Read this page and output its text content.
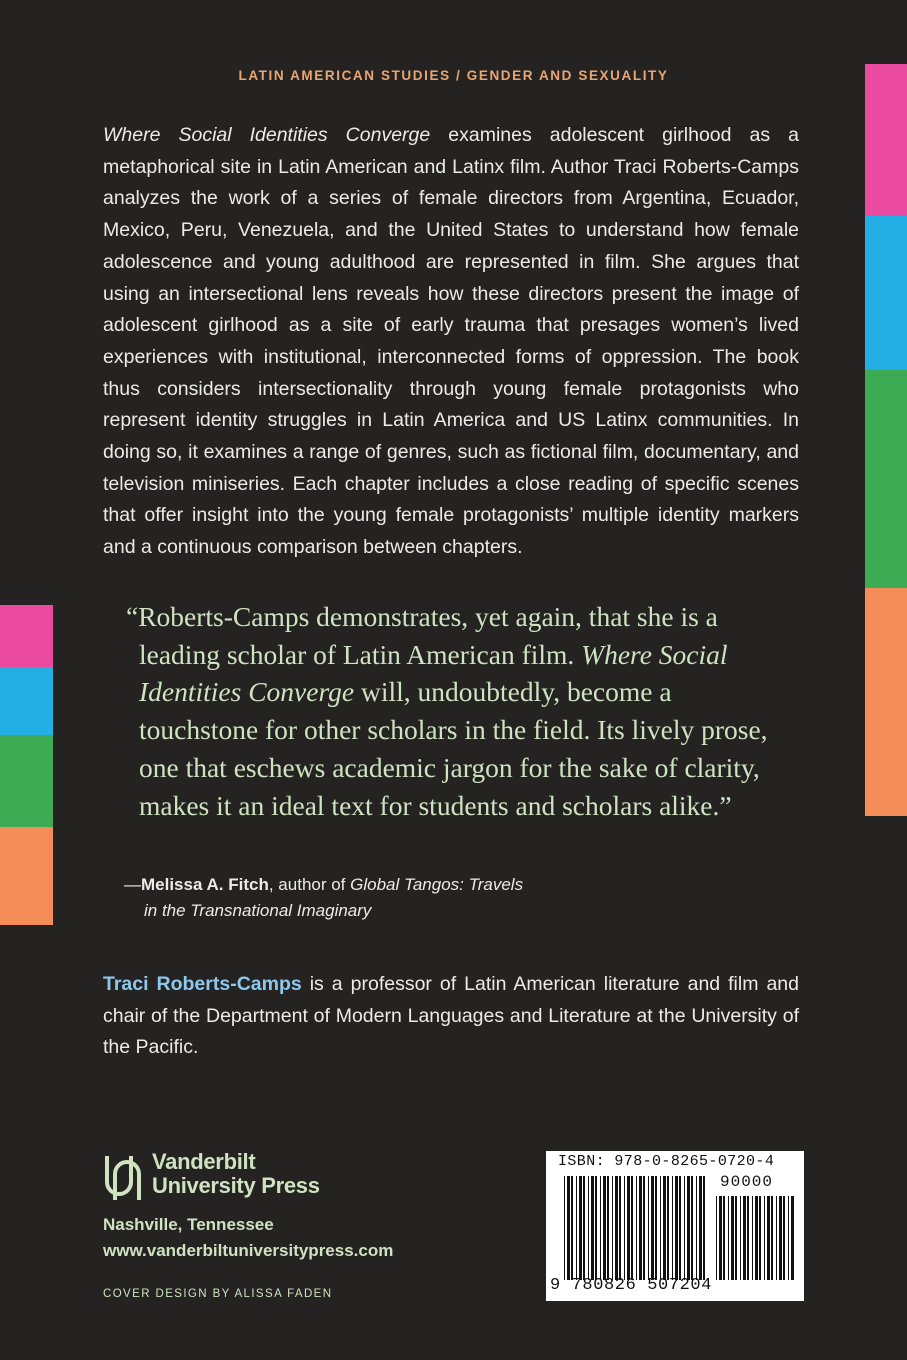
LATIN AMERICAN STUDIES / GENDER AND SEXUALITY

Where Social Identities Converge examines adolescent girlhood as a metaphorical site in Latin American and Latinx film. Author Traci Roberts-Camps analyzes the work of a series of female directors from Argentina, Ecuador, Mexico, Peru, Venezuela, and the United States to understand how female adolescence and young adulthood are represented in film. She argues that using an intersectional lens reveals how these directors present the image of adolescent girlhood as a site of early trauma that presages women’s lived experiences with institutional, interconnected forms of oppression. The book thus considers intersectionality through young female protagonists who represent identity struggles in Latin America and US Latinx communities. In doing so, it examines a range of genres, such as fictional film, documentary, and television miniseries. Each chapter includes a close reading of specific scenes that offer insight into the young female protagonists’ multiple identity markers and a continuous comparison between chapters.

“Roberts-Camps demonstrates, yet again, that she is a leading scholar of Latin American film. Where Social Identities Converge will, undoubtedly, become a touchstone for other scholars in the field. Its lively prose, one that eschews academic jargon for the sake of clarity, makes it an ideal text for students and scholars alike.”

—Melissa A. Fitch, author of Global Tangos: Travels
in the Transnational Imaginary

Traci Roberts-Camps is a professor of Latin American literature and film and chair of the Department of Modern Languages and Literature at the University of the Pacific.

Vanderbilt
University Press
Nashville, Tennessee
www.vanderbiltuniversitypress.com
COVER DESIGN BY ALISSA FADEN
ISBN: 978-0-8265-0720-4
90000
9 780826 507204
